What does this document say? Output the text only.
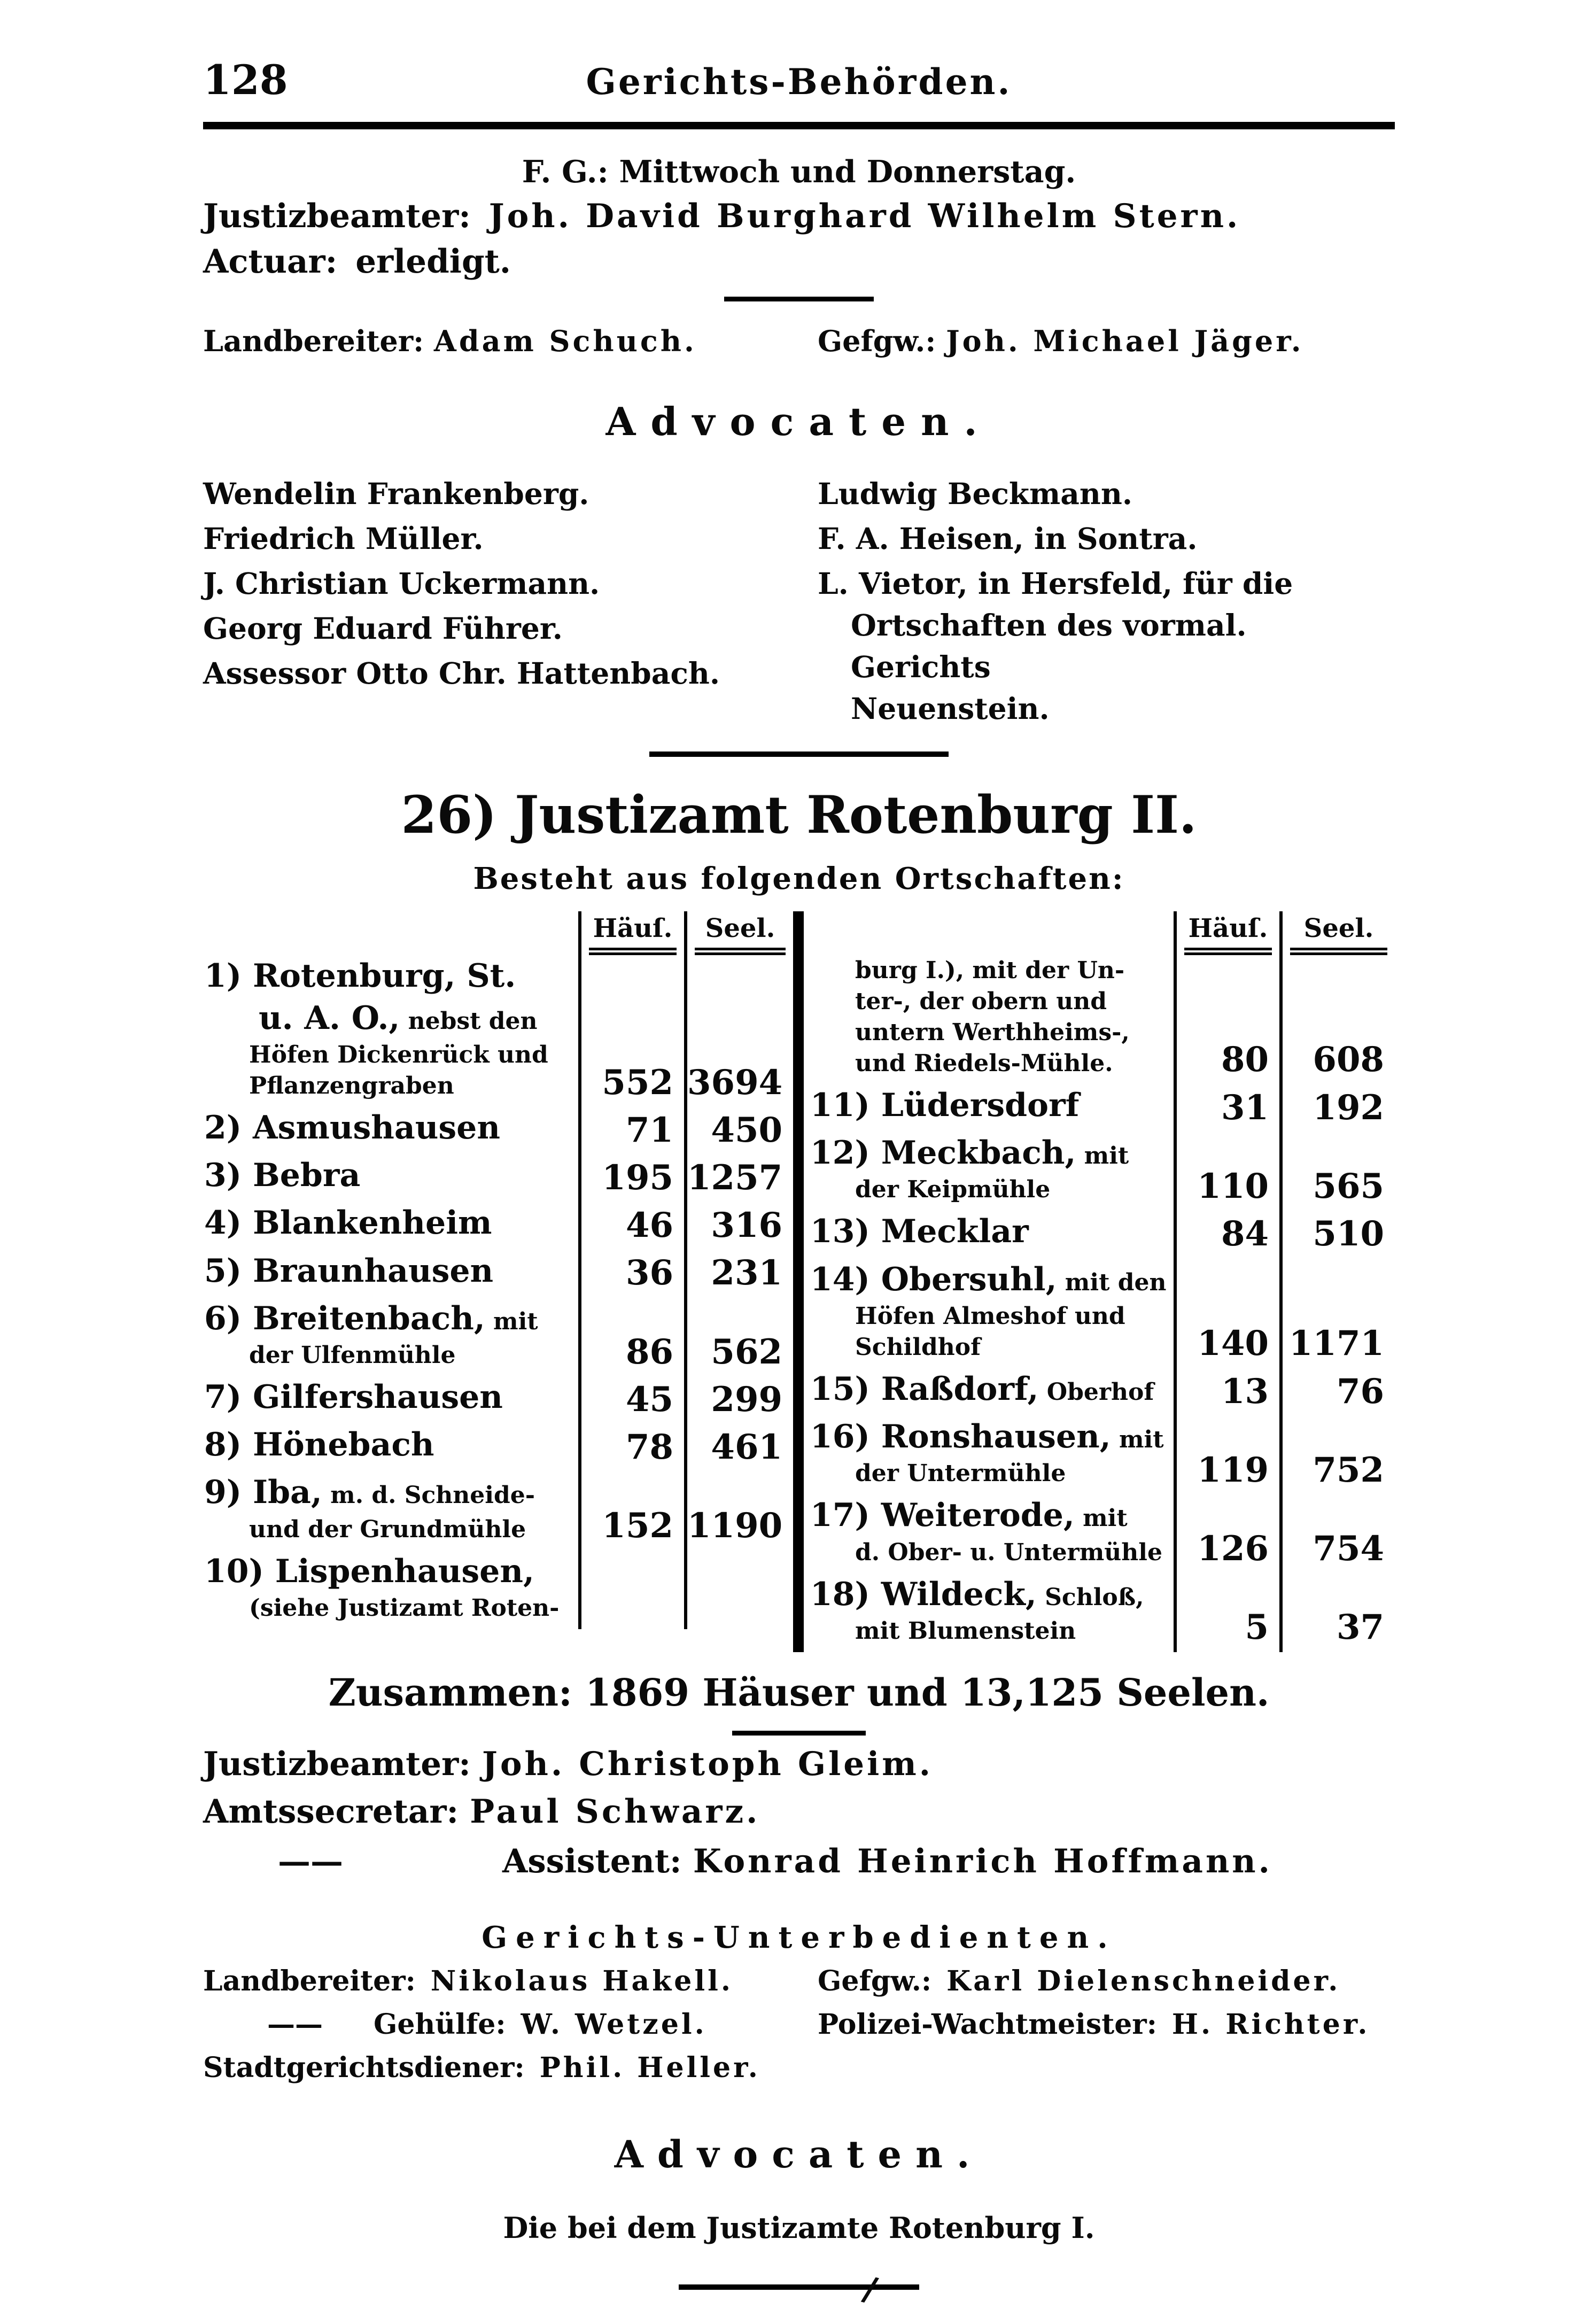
128	Gerichts-Behörden.
F. G.: Mittwoch und Donnerstag.
Justizbeamter: Joh. David Burghard Wilhelm Stern.
Actuar: erledigt.
Landbereiter: Adam Schuch.	Gefgw.: Joh. Michael Jäger.
Advocaten.
Wendelin Frankenberg.
Friedrich Müller.
J. Christian Uckermann.
Georg Eduard Führer.
Assessor Otto Chr. Hattenbach.
Ludwig Beckmann.
F. A. Heisen, in Sontra.
L. Vietor, in Hersfeld, für die
Ortschaften des vormal. Gerichts
Neuenstein.
26) Justizamt Rotenburg II.
Besteht aus folgenden Ortschaften:
Häuſ.	Seel.
1) Rotenburg, St.
u. A. O., nebst den
Höfen Dickenrück und
Pflanzengraben	552 3694
2) Asmushausen	71	450
3) Bebra	195 1257
4) Blankenheim	46	316
5) Braunhausen	36	231
6) Breitenbach, mit
der Ulfenmühle	86	562
7) Gilfershausen	45	299
8) Hönebach	78	461
9) Iba, m. d. Schneide-
und der Grundmühle	152 1190
10) Lispenhausen,
(siehe Justizamt Roten-
Häuſ.	Seel.
burg I.), mit der Un-
ter-, der obern und
untern Werthheims-,
und Riedels-Mühle.	80	608
11) Lüdersdorf	31	192
12) Meckbach, mit
der Keipmühle	110	565
13) Mecklar	84	510
14) Obersuhl, mit den
Höfen Almeshof und
Schildhof	140 1171
15) Raßdorf, Oberhof	13	76
16) Ronshausen, mit
der Untermühle	119	752
17) Weiterode, mit
d. Ober- u. Untermühle	126	754
18) Wildeck, Schloß,
mit Blumenstein	5	37
Zusammen: 1869 Häuser und 13,125 Seelen.
Justizbeamter: Joh. Christoph Gleim.
Amtssecretar: Paul Schwarz.
——	Assistent:
Konrad Heinrich Hoffmann.
Gerichts-Unterbedienten.
Landbereiter: Nikolaus Hakell.	Gefgw.: Karl Dielenschneider.
—— Gehülfe: W. Wetzel.	Polizei-Wachtmeister: H. Richter.
Stadtgerichtsdiener: Phil. Heller.
Advocaten.
Die bei dem Justizamte Rotenburg I.
/
